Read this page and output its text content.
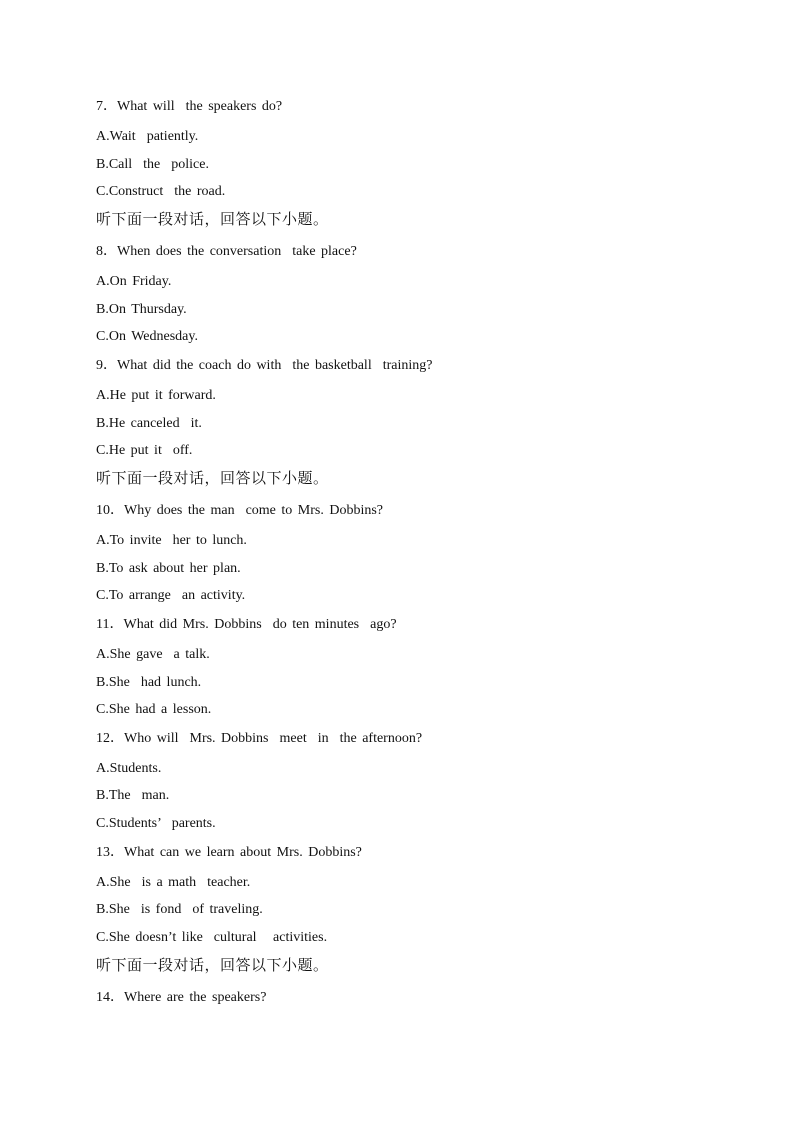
7．What will  the speakers do?
A.Wait  patiently.
B.Call  the  police.
C.Construct  the road.
听下面一段对话，回答以下小题。
8．When does the conversation  take place?
A.On Friday.
B.On Thursday.
C.On Wednesday.
9．What did the coach do with  the basketball  training?
A.He put it forward.
B.He canceled  it.
C.He put it  off.
听下面一段对话，回答以下小题。
10．Why does the man  come to Mrs. Dobbins?
A.To invite  her to lunch.
B.To ask about her plan.
C.To arrange  an activity.
11．What did Mrs. Dobbins  do ten minutes  ago?
A.She gave  a talk.
B.She  had lunch.
C.She had a lesson.
12．Who will  Mrs. Dobbins  meet  in  the afternoon?
A.Students.
B.The  man.
C.Students’  parents.
13．What can we learn about Mrs. Dobbins?
A.She  is a math  teacher.
B.She  is fond  of traveling.
C.She doesn’t like  cultural   activities.
听下面一段对话，回答以下小题。
14．Where are the speakers?
